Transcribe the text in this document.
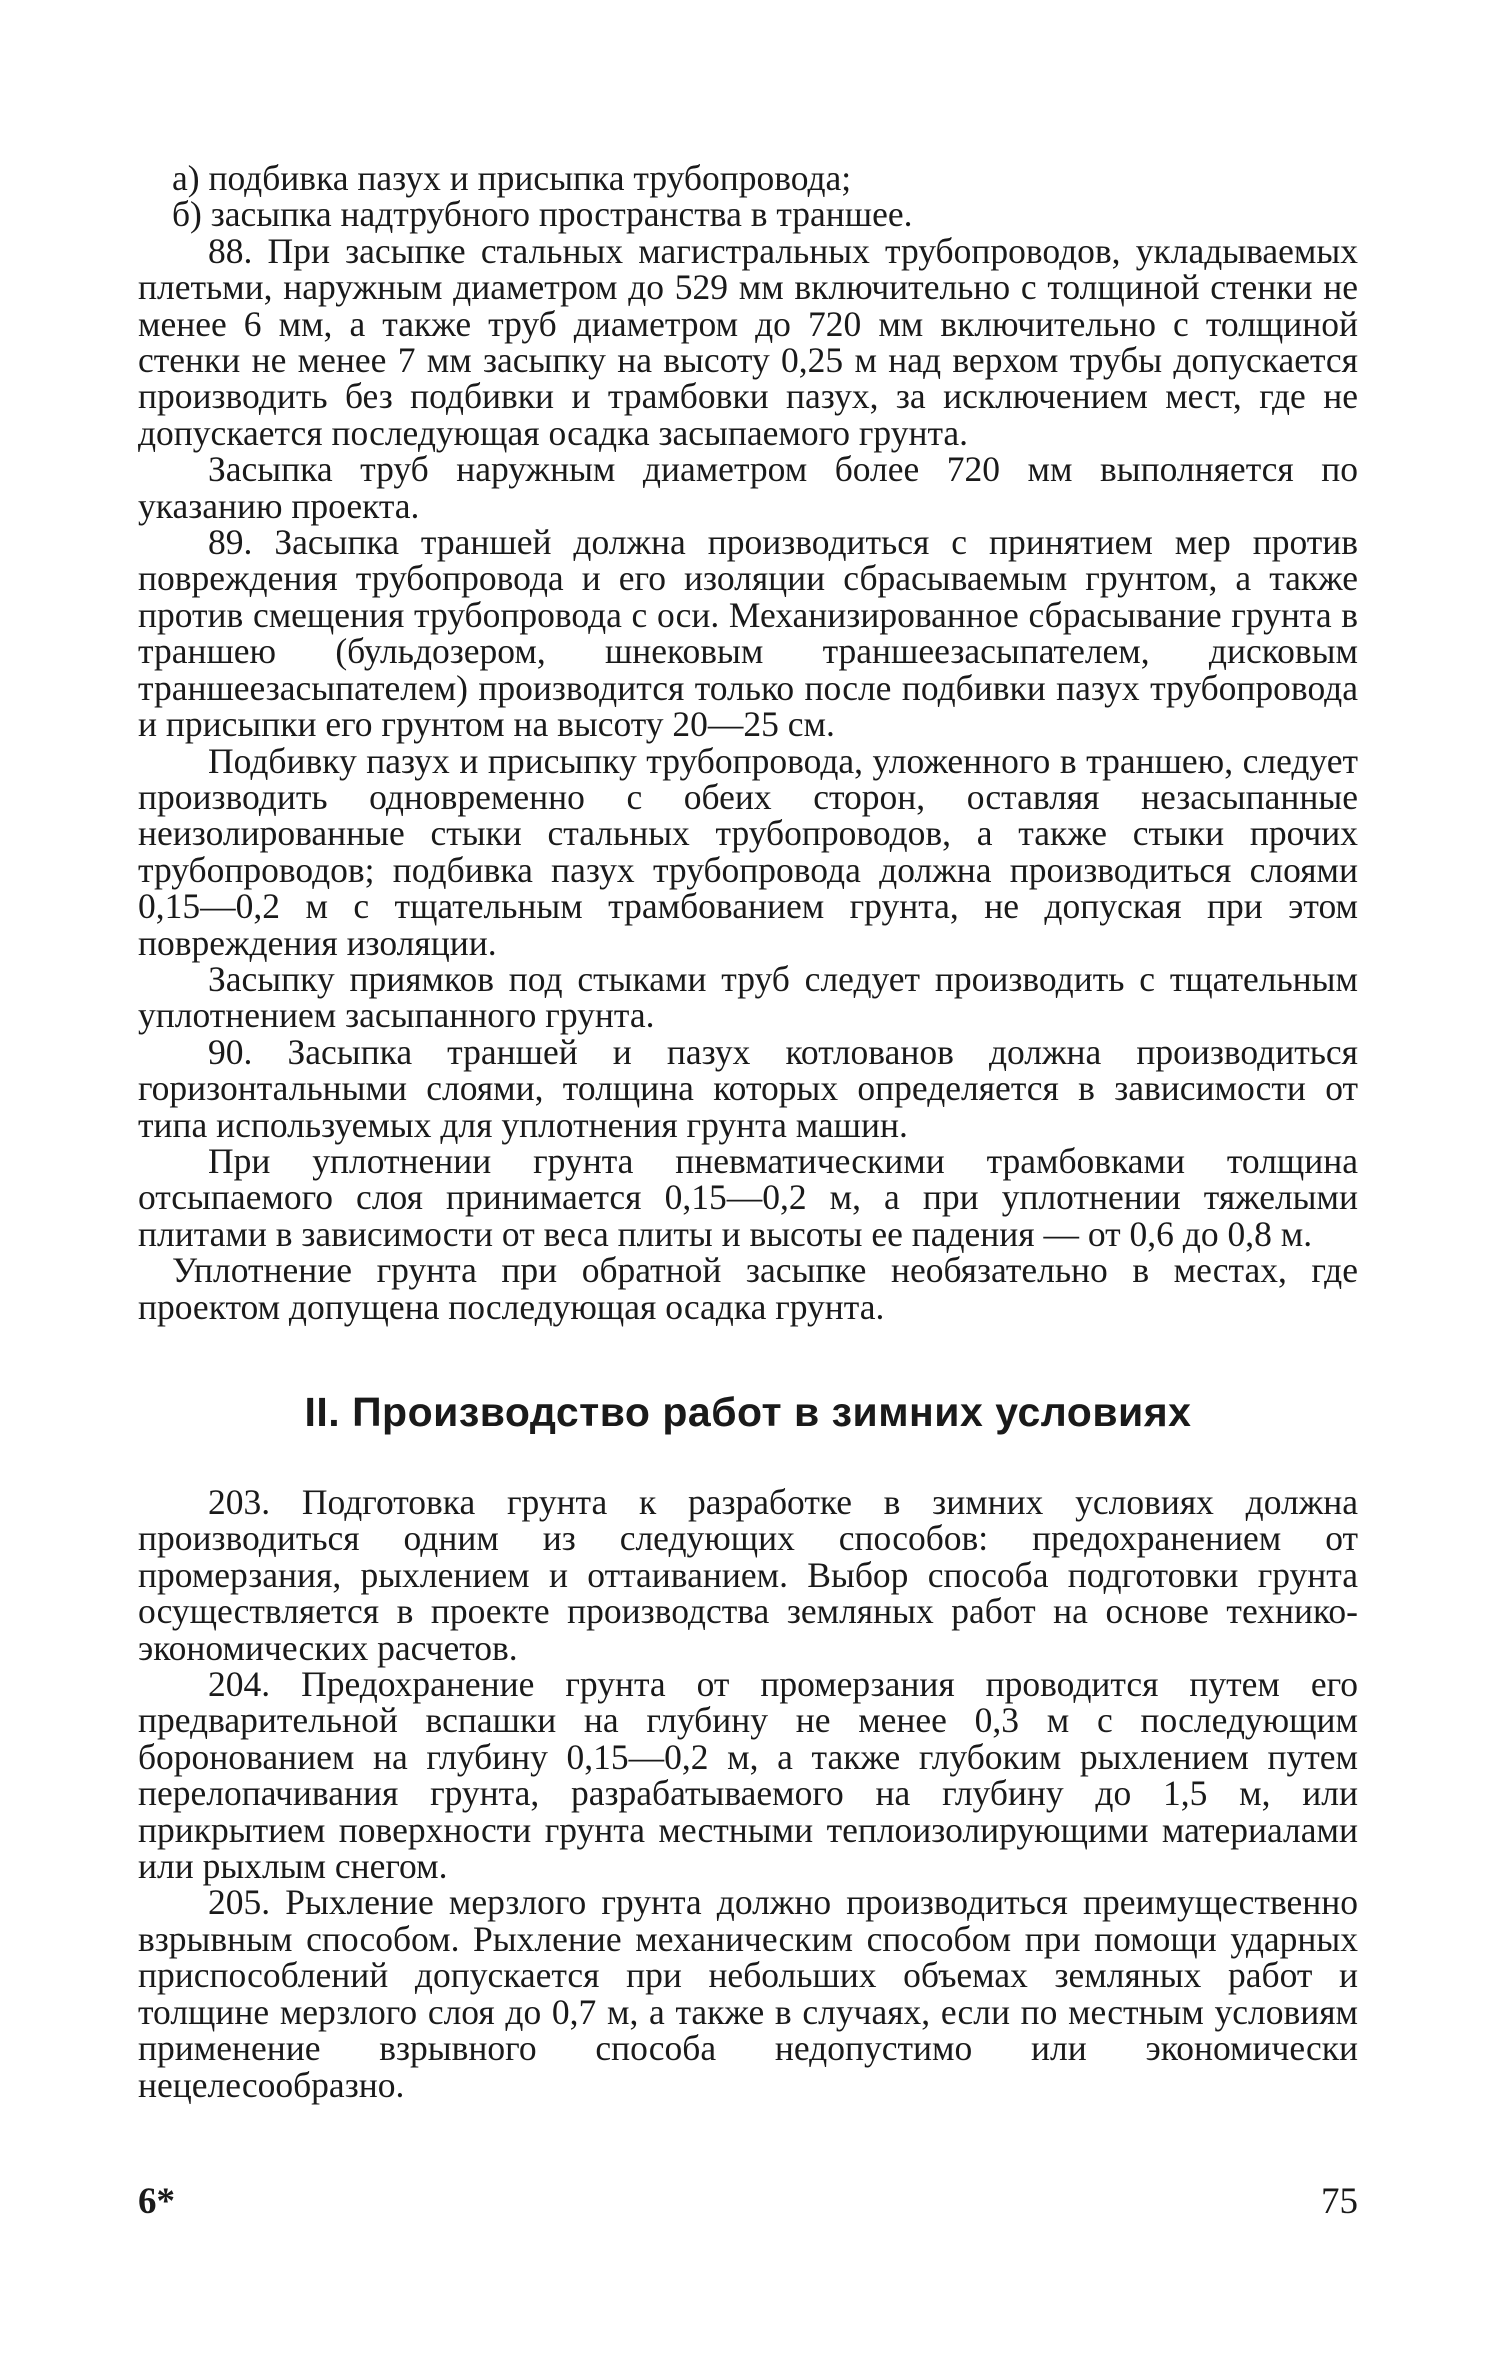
а) подбивка пазух и присыпка трубопровода;

б) засыпка надтрубного пространства в траншее.

88. При засыпке стальных магистральных трубопроводов, укладываемых плетьми, наружным диаметром до 529 мм включительно с толщиной стенки не менее 6 мм, а также труб диаметром до 720 мм включительно с толщиной стенки не менее 7 мм засыпку на высоту 0,25 м над верхом трубы допускается производить без подбивки и трамбовки пазух, за исключением мест, где не допускается последующая осадка засыпаемого грунта.

Засыпка труб наружным диаметром более 720 мм выполняется по указанию проекта.

89. Засыпка траншей должна производиться с принятием мер против повреждения трубопровода и его изоляции сбрасываемым грунтом, а также против смещения трубопровода с оси. Механизированное сбрасывание грунта в траншею (бульдозером, шнековым траншеезасыпателем, дисковым траншеезасыпателем) производится только после подбивки пазух трубопровода и присыпки его грунтом на высоту 20—25 см.

Подбивку пазух и присыпку трубопровода, уложенного в траншею, следует производить одновременно с обеих сторон, оставляя незасыпанные неизолированные стыки стальных трубопроводов, а также стыки прочих трубопроводов; подбивка пазух трубопровода должна производиться слоями 0,15—0,2 м с тщательным трамбованием грунта, не допуская при этом повреждения изоляции.

Засыпку приямков под стыками труб следует производить с тщательным уплотнением засыпанного грунта.

90. Засыпка траншей и пазух котлованов должна производиться горизонтальными слоями, толщина которых определяется в зависимости от типа используемых для уплотнения грунта машин.

При уплотнении грунта пневматическими трамбовками толщина отсыпаемого слоя принимается 0,15—0,2 м, а при уплотнении тяжелыми плитами в зависимости от веса плиты и высоты ее падения — от 0,6 до 0,8 м.

Уплотнение грунта при обратной засыпке необязательно в местах, где проектом допущена последующая осадка грунта.

II. Производство работ в зимних условиях

203. Подготовка грунта к разработке в зимних условиях должна производиться одним из следующих способов: предохранением от промерзания, рыхлением и оттаиванием. Выбор способа подготовки грунта осуществляется в проекте производства земляных работ на основе технико-экономических расчетов.

204. Предохранение грунта от промерзания проводится путем его предварительной вспашки на глубину не менее 0,3 м с последующим боронованием на глубину 0,15—0,2 м, а также глубоким рыхлением путем перелопачивания грунта, разрабатываемого на глубину до 1,5 м, или прикрытием поверхности грунта местными теплоизолирующими материалами или рыхлым снегом.

205. Рыхление мерзлого грунта должно производиться преимущественно взрывным способом. Рыхление механическим способом при помощи ударных приспособлений допускается при небольших объемах земляных работ и толщине мерзлого слоя до 0,7 м, а также в случаях, если по местным условиям применение взрывного способа недопустимо или экономически нецелесообразно.

6*	75
